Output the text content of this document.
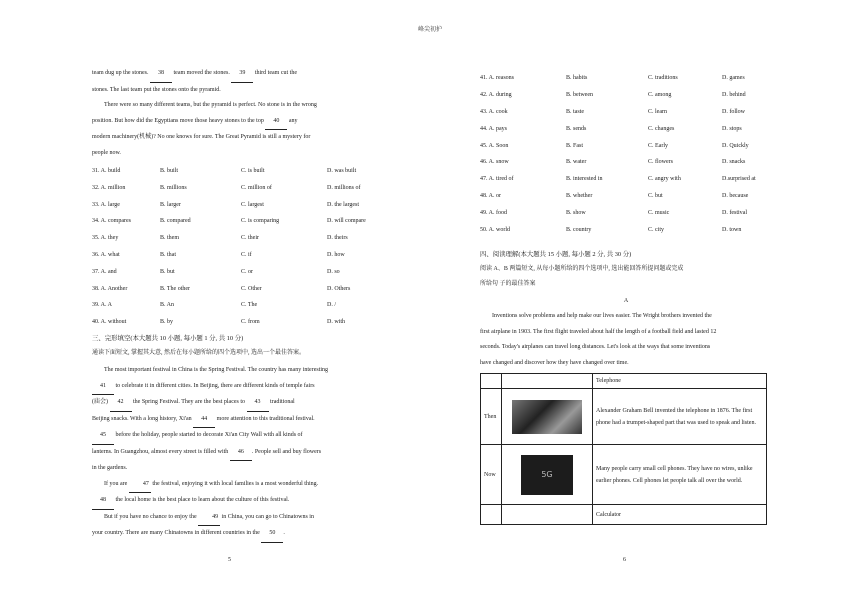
峰尖初护

team dug up the stones. 38 team moved the stones. 39 third team cut the

stones. The last team put the stones onto the pyramid.

There were so many different teams, but the pyramid is perfect. No stone is in the wrong

position. But how did the Egyptians move those heavy stones to the top 40 any

modern machinery(机械)? No one knows for sure. The Great Pyramid is still a mystery for

people now.

31. A. build	B. built	C. is built	D. was built
32. A. million	B. millions	C. million of	D. millions of
33. A. large	B. larger	C. largest	D. the largest
34. A. compares	B. compared	C. is comparing	D. will compare
35. A. they	B. them	C. their	D. theirs
36. A. what	B. that	C. if	D. how
37. A. and	B. but	C. or	D. so
38. A. Another	B. The other	C. Other	D. Others
39. A. A	B. An	C. The	D. /
40. A. without	B. by	C. from	D. with

三、完形填空(本大题共 10 小题, 每小题 1 分, 共 10 分)

通读下面短文, 掌握其大意, 然后在每小题所给的四个选项中, 选出一个最佳答案。

The most important festival in China is the Spring Festival. The country has many interesting

41 to celebrate it in different cities. In Beijing, there are different kinds of temple fairs

(庙会) 42 the Spring Festival. They are the best places to 43 traditional

Beijing snacks. With a long history, Xi'an 44 more attention to this traditional festival.

45 before the holiday, people started to decorate Xi'an City Wall with all kinds of

lanterns. In Guangzhou, almost every street is filled with 46 . People sell and buy flowers

in the gardens.

If you are 47 the festival, enjoying it with local families is a most wonderful thing.

48 the local home is the best place to learn about the culture of this festival.

But if you have no chance to enjoy the 49 in China, you can go to Chinatowns in

your country. There are many Chinatowns in different countries in the 50 .

5
41. A. reasons	B. habits	C. traditions	D. games
42. A. during	B. between	C. among	D. behind
43. A. cook	B. taste	C. learn	D. follow
44. A. pays	B. sends	C. changes	D. stops
45. A. Soon	B. Fast	C. Early	D. Quickly
46. A. snow	B. water	C. flowers	D. snacks
47. A. tired of	B. interested in	C. angry with	D.surprised at
48. A. or	B. whether	C. but	D. because
49. A. food	B. show	C. music	D. festival
50. A. world	B. country	C. city	D. town

四、阅读理解(本大题共 15 小题, 每小题 2 分, 共 30 分)

阅读 A、B 两篇短文, 从每小题所给的四个选项中, 选出能回答所提问题或完成

所给句 子的最佳答案

A

Inventions solve problems and help make our lives easier. The Wright brothers invented the

first airplane in 1903. The first flight traveled about half the length of a football field and lasted 12

seconds. Today's airplanes can travel long distances. Let's look at the ways that some inventions

have changed and discover how they have changed over time.

		Telephone
Then		Alexander Graham Bell invented the telephone in 1876. The first phone had a trumpet-shaped part that was used to speak and listen.
Now	5G	Many people carry small cell phones. They have no wires, unlike earlier phones. Cell phones let people talk all over the world.
		Calculator
6
